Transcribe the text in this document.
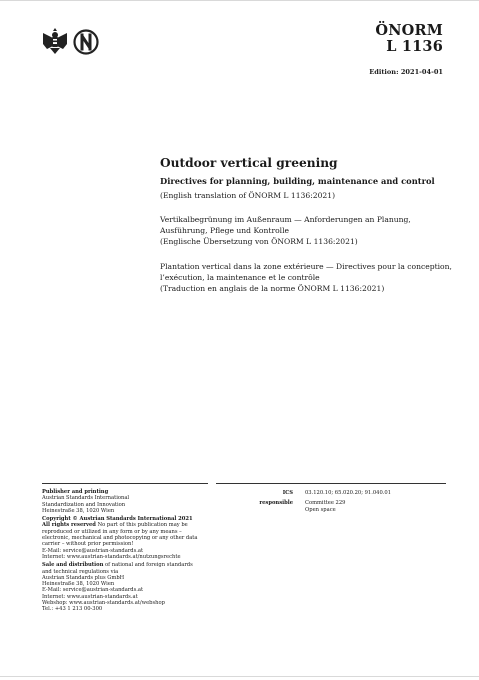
ÖNORM
L 1136
Edition: 2021-04-01
Outdoor vertical greening
Directives for planning, building, maintenance and control
(English translation of ÖNORM L 1136:2021)
Vertikalbegrünung im Außenraum — Anforderungen an Planung,
Ausführung, Pflege und Kontrolle
(Englische Übersetzung von ÖNORM L 1136:2021)
Plantation vertical dans la zone extérieure — Directives pour la conception,
l’exécution, la maintenance et le contrôle
(Traduction en anglais de la norme ÖNORM L 1136:2021)
Publisher and printing
Austrian Standards International
Standardization and Innovation
Heinestraße 38, 1020 Wien
Copyright © Austrian Standards International 2021
All rights reserved No part of this publication may be
reproduced or utilized in any form or by any means –
electronic, mechanical and photocopying or any other data
carrier – without prior permission!
E-Mail: service@austrian-standards.at
Internet: www.austrian-standards.at/nutzungsrechte
Sale and distribution of national and foreign standards
and technical regulations via
Austrian Standards plus GmbH
Heinestraße 38, 1020 Wien
E-Mail: service@austrian-standards.at
Internet: www.austrian-standards.at
Webshop: www.austrian-standards.at/webshop
Tel.: +43 1 213 00-300
ICS	03.120.10; 65.020.20; 91.040.01
responsible	Committee 229
Open space
